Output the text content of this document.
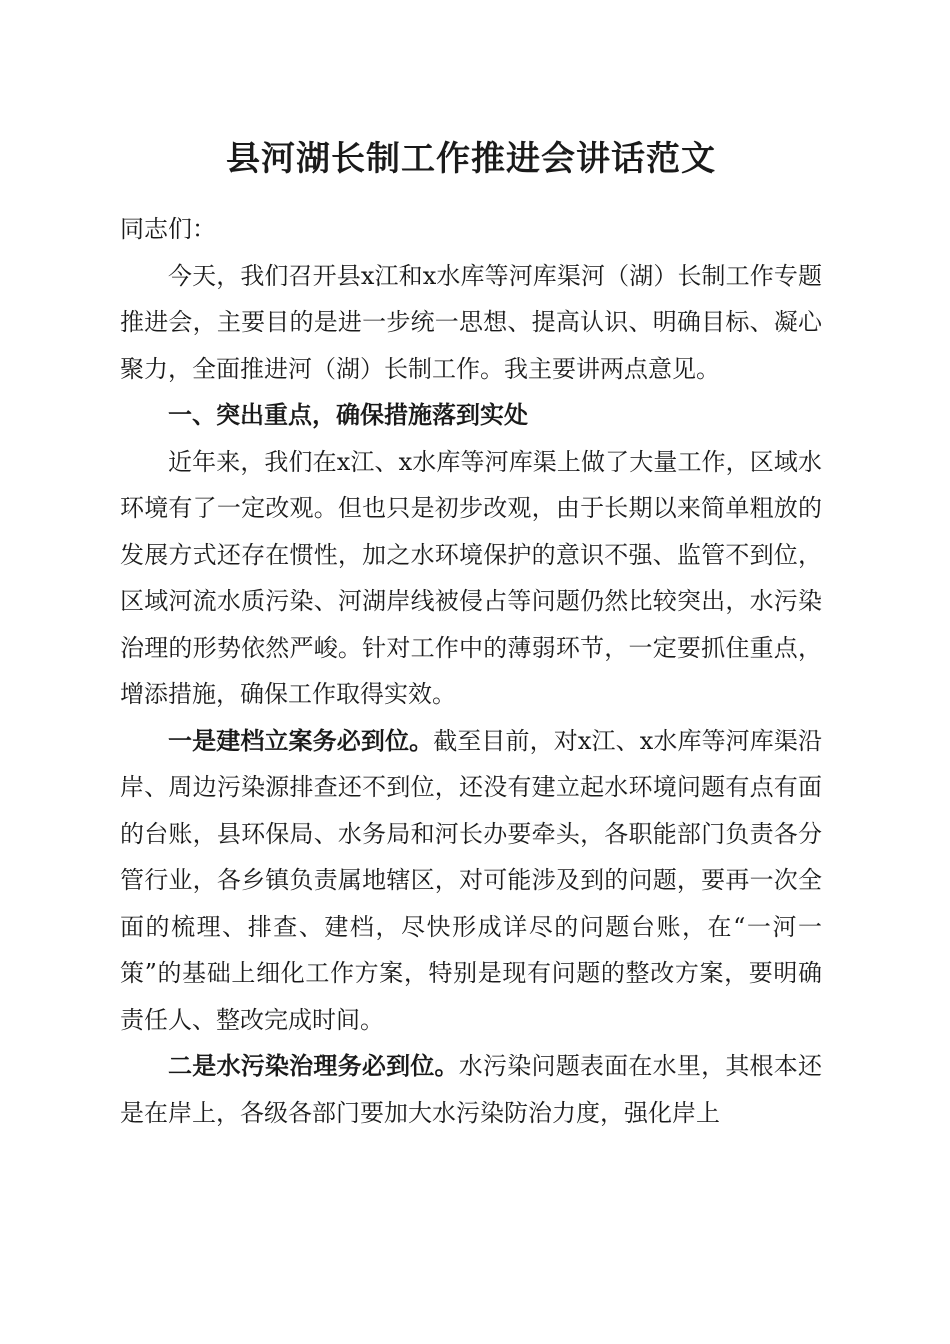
县河湖长制工作推进会讲话范文

同志们：

今天，我们召开县x江和x水库等河库渠河（湖）长制工作专题推进会，主要目的是进一步统一思想、提高认识、明确目标、凝心聚力，全面推进河（湖）长制工作。我主要讲两点意见。

一、突出重点，确保措施落到实处

近年来，我们在x江、x水库等河库渠上做了大量工作，区域水环境有了一定改观。但也只是初步改观，由于长期以来简单粗放的发展方式还存在惯性，加之水环境保护的意识不强、监管不到位，区域河流水质污染、河湖岸线被侵占等问题仍然比较突出，水污染治理的形势依然严峻。针对工作中的薄弱环节，一定要抓住重点，增添措施，确保工作取得实效。

一是建档立案务必到位。截至目前，对x江、x水库等河库渠沿岸、周边污染源排查还不到位，还没有建立起水环境问题有点有面的台账，县环保局、水务局和河长办要牵头，各职能部门负责各分管行业，各乡镇负责属地辖区，对可能涉及到的问题，要再一次全面的梳理、排查、建档，尽快形成详尽的问题台账，在“一河一策”的基础上细化工作方案，特别是现有问题的整改方案，要明确责任人、整改完成时间。

二是水污染治理务必到位。水污染问题表面在水里，其根本还是在岸上，各级各部门要加大水污染防治力度，强化岸上
